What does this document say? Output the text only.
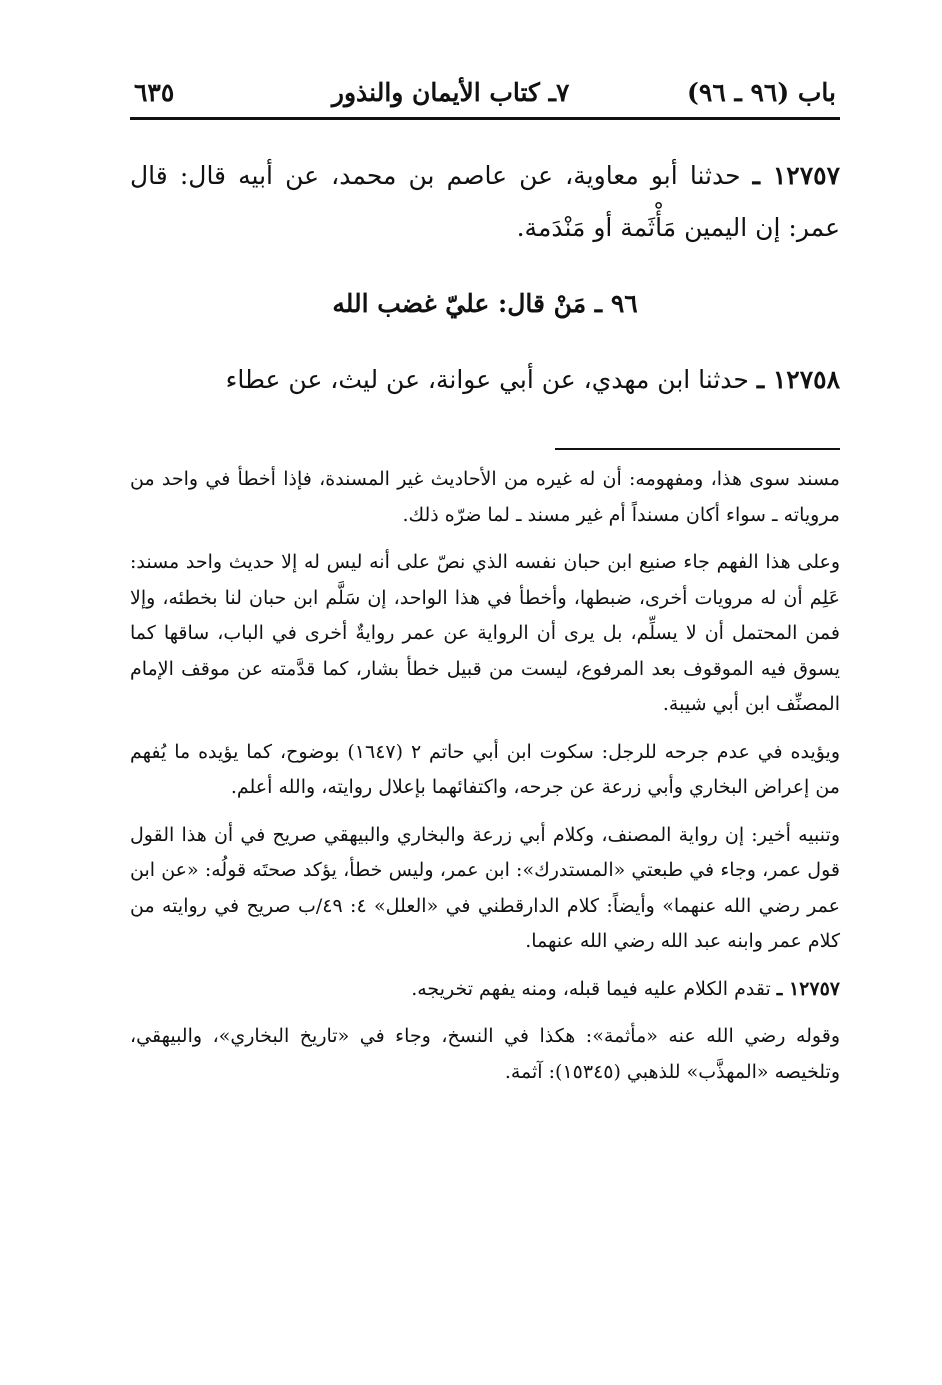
باب (٩٦ ـ ٩٦)
٧ـ كتاب الأيمان والنذور
٦٣٥

١٢٧٥٧ ـ حدثنا أبو معاوية، عن عاصم بن محمد، عن أبيه قال: قال عمر: إن اليمين مَأْثَمة أو مَنْدَمة.

٩٦ ـ مَنْ قال: عليّ غضب الله

١٢٧٥٨ ـ حدثنا ابن مهدي، عن أبي عوانة، عن ليث، عن عطاء

مسند سوى هذا، ومفهومه: أن له غيره من الأحاديث غير المسندة، فإذا أخطأ في واحد من مروياته ـ سواء أكان مسنداً أم غير مسند ـ لما ضرّه ذلك.

وعلى هذا الفهم جاء صنيع ابن حبان نفسه الذي نصّ على أنه ليس له إلا حديث واحد مسند: عَلِم أن له مرويات أخرى، ضبطها، وأخطأ في هذا الواحد، إن سَلَّم ابن حبان لنا بخطئه، وإلا فمن المحتمل أن لا يسلِّم، بل يرى أن الرواية عن عمر روايةٌ أخرى في الباب، ساقها كما يسوق فيه الموقوف بعد المرفوع، ليست من قبيل خطأ بشار، كما قدَّمته عن موقف الإمام المصنِّف ابن أبي شيبة.

ويؤيده في عدم جرحه للرجل: سكوت ابن أبي حاتم ٢ (١٦٤٧) بوضوح، كما يؤيده ما يُفهم من إعراض البخاري وأبي زرعة عن جرحه، واكتفائهما بإعلال روايته، والله أعلم.

وتنبيه أخير: إن رواية المصنف، وكلام أبي زرعة والبخاري والبيهقي صريح في أن هذا القول قول عمر، وجاء في طبعتي «المستدرك»: ابن عمر، وليس خطأ، يؤكد صحتَه قولُه: «عن ابن عمر رضي الله عنهما» وأيضاً: كلام الدارقطني في «العلل» ٤: ٤٩/ب صريح في روايته من كلام عمر وابنه عبد الله رضي الله عنهما.

١٢٧٥٧ ـ تقدم الكلام عليه فيما قبله، ومنه يفهم تخريجه.

وقوله رضي الله عنه «مأثمة»: هكذا في النسخ، وجاء في «تاريخ البخاري»، والبيهقي، وتلخيصه «المهذَّب» للذهبي (١٥٣٤٥): آثمة.
